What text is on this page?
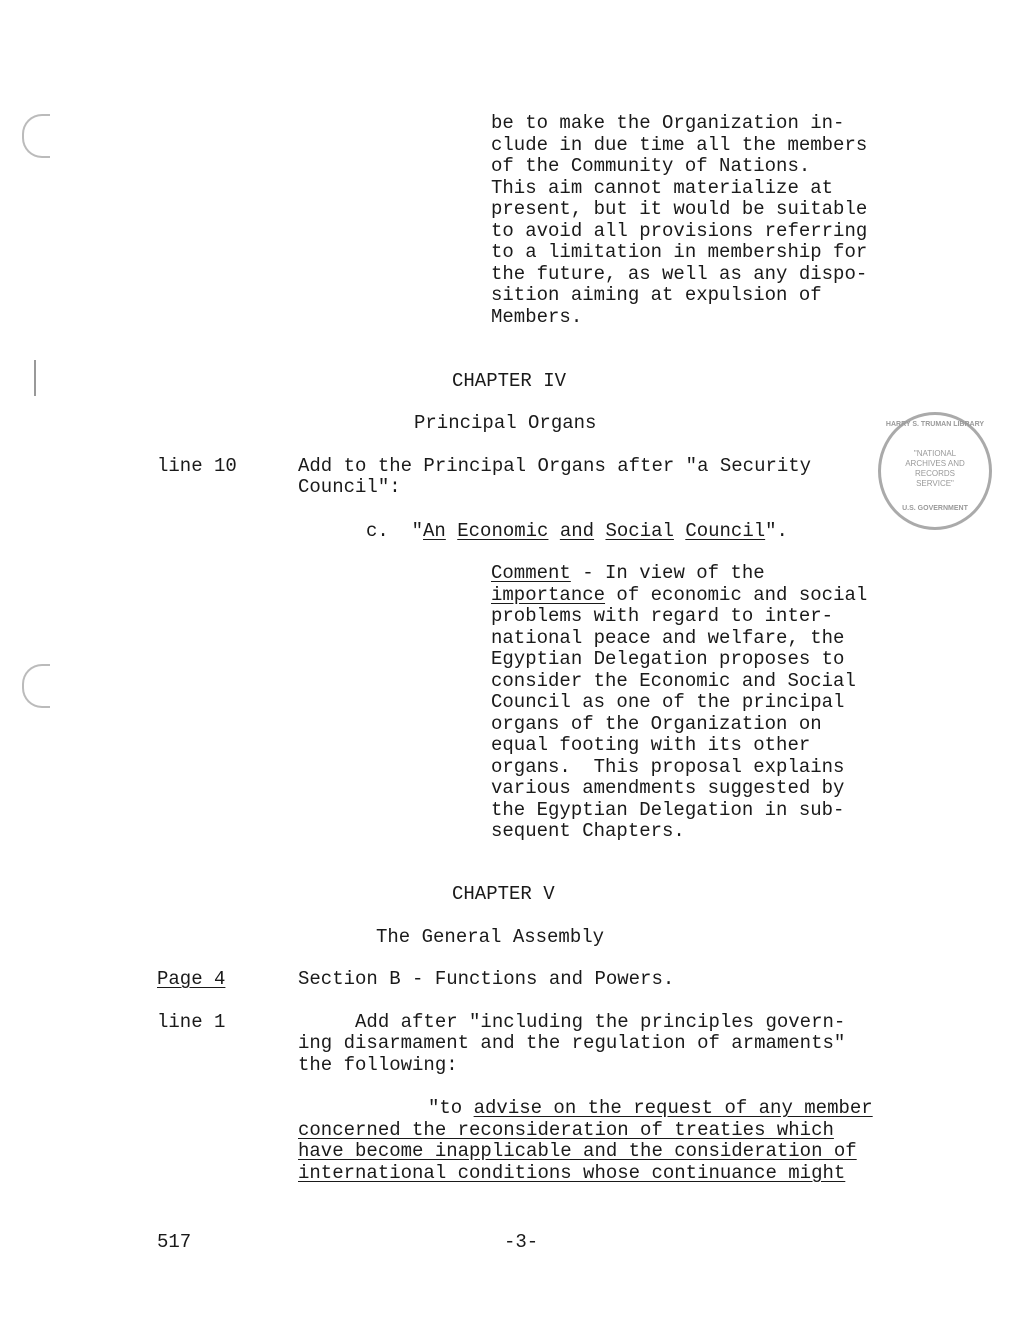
be to make the Organization in-
clude in due time all the members
of the Community of Nations.
This aim cannot materialize at
present, but it would be suitable
to avoid all provisions referring
to a limitation in membership for
the future, as well as any dispo-
sition aiming at expulsion of
Members.
CHAPTER IV
Principal Organs
line 10	Add to the Principal Organs after "a Security
Council":
c.  "An Economic and Social Council".
Comment - In view of the
importance of economic and social
problems with regard to inter-
national peace and welfare, the
Egyptian Delegation proposes to
consider the Economic and Social
Council as one of the principal
organs of the Organization on
equal footing with its other
organs.  This proposal explains
various amendments suggested by
the Egyptian Delegation in sub-
sequent Chapters.
CHAPTER V
The General Assembly
Page 4	Section B - Functions and Powers.
line 1	Add after "including the principles govern-
ing disarmament and the regulation of armaments"
the following:
"to advise on the request of any member
concerned the reconsideration of treaties which
have become inapplicable and the consideration of
international conditions whose continuance might
517	-3-
HARRY S. TRUMAN LIBRARY
"NATIONAL
ARCHIVES AND
RECORDS
SERVICE"
U.S. GOVERNMENT
